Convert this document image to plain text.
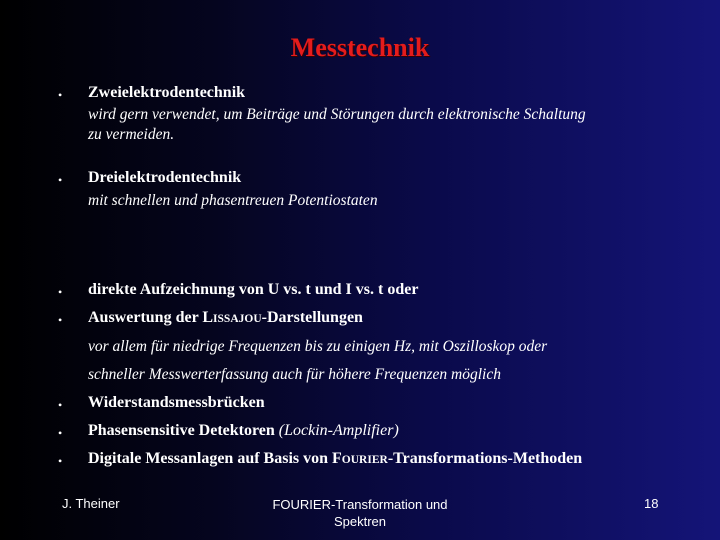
Messtechnik
• Zweielektrodentechnik
wird gern verwendet, um Beiträge und Störungen durch elektronische Schaltung
zu vermeiden.
• Dreielektrodentechnik
mit schnellen und phasentreuen Potentiostaten
• direkte Aufzeichnung von U vs. t und I vs. t oder
• Auswertung der LISSAJOU-Darstellungen
vor allem für niedrige Frequenzen bis zu einigen Hz, mit Oszilloskop oder
schneller Messwerterfassung auch für höhere Frequenzen möglich
• Widerstandsmessbrücken
• Phasensensitive Detektoren (Lockin-Amplifier)
• Digitale Messanlagen auf Basis von FOURIER-Transformations-Methoden
J. Theiner	FOURIER-Transformation und
Spektren
18
